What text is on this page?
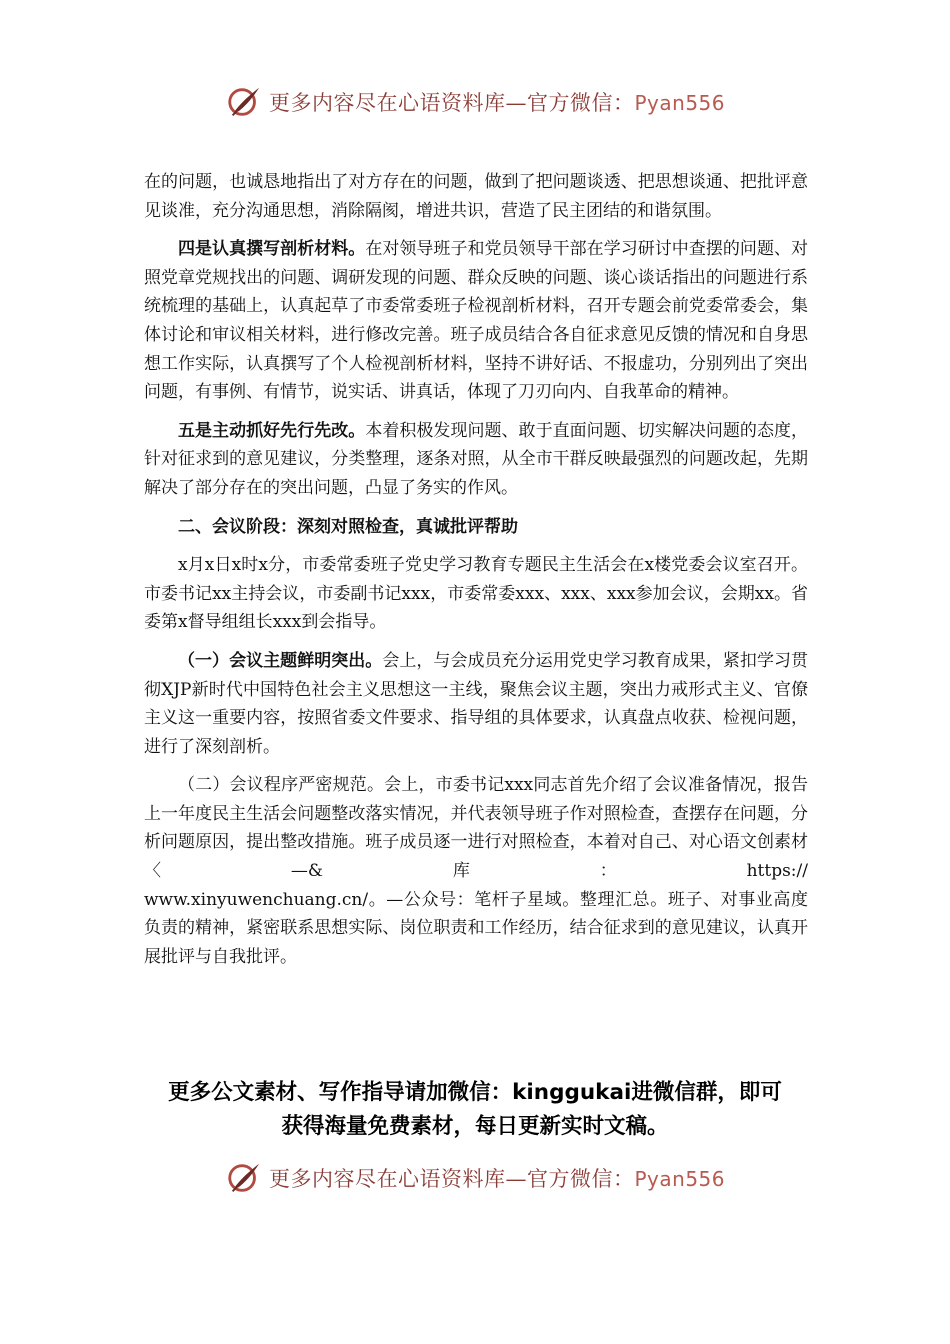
更多内容尽在心语资料库—官方微信：Pyan556

在的问题，也诚恳地指出了对方存在的问题，做到了把问题谈透、把思想谈通、把批评意见谈准，充分沟通思想，消除隔阂，增进共识，营造了民主团结的和谐氛围。

四是认真撰写剖析材料。在对领导班子和党员领导干部在学习研讨中查摆的问题、对照党章党规找出的问题、调研发现的问题、群众反映的问题、谈心谈话指出的问题进行系统梳理的基础上，认真起草了市委常委班子检视剖析材料，召开专题会前党委常委会，集体讨论和审议相关材料，进行修改完善。班子成员结合各自征求意见反馈的情况和自身思想工作实际，认真撰写了个人检视剖析材料，坚持不讲好话、不报虚功，分别列出了突出问题，有事例、有情节，说实话、讲真话，体现了刀刃向内、自我革命的精神。

五是主动抓好先行先改。本着积极发现问题、敢于直面问题、切实解决问题的态度，针对征求到的意见建议，分类整理，逐条对照，从全市干群反映最强烈的问题改起，先期解决了部分存在的突出问题，凸显了务实的作风。

二、会议阶段：深刻对照检查，真诚批评帮助

x月x日x时x分，市委常委班子党史学习教育专题民主生活会在x楼党委会议室召开。市委书记xx主持会议，市委副书记xxx，市委常委xxx、xxx、xxx参加会议，会期xx。省委第x督导组组长xxx到会指导。

（一）会议主题鲜明突出。会上，与会成员充分运用党史学习教育成果，紧扣学习贯彻XJP新时代中国特色社会主义思想这一主线，聚焦会议主题，突出力戒形式主义、官僚主义这一重要内容，按照省委文件要求、指导组的具体要求，认真盘点收获、检视问题，进行了深刻剖析。

（二）会议程序严密规范。会上，市委书记xxx同志首先介绍了会议准备情况，报告上一年度民主生活会问题整改落实情况，并代表领导班子作对照检查，查摆存在问题，分析问题原因，提出整改措施。班子成员逐一进行对照检查，本着对自己、对心语文创素材〈—&库：https://

www.xinyuwenchuang.cn/。—公众号：笔杆子星域。整理汇总。班子、对事业高度负责的精神，紧密联系思想实际、岗位职责和工作经历，结合征求到的意见建议，认真开展批评与自我批评。

更多公文素材、写作指导请加微信：kinggukai进微信群，即可
获得海量免费素材，每日更新实时文稿。
更多内容尽在心语资料库—官方微信：Pyan556
